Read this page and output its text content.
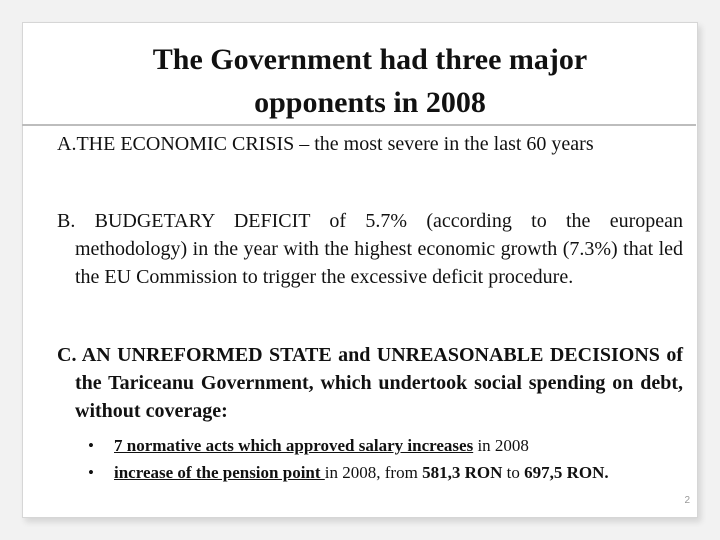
The Government had three major opponents in 2008
A.THE ECONOMIC CRISIS – the most severe in the last 60 years
B. BUDGETARY DEFICIT of 5.7% (according to the european methodology) in the year with the highest economic growth (7.3%) that led the EU Commission to trigger the excessive deficit procedure.
C. AN UNREFORMED STATE and UNREASONABLE DECISIONS of the Tariceanu Government, which undertook social spending on debt, without coverage:
• 7 normative acts which approved salary increases in 2008
• increase of the pension point in 2008, from 581,3 RON to 697,5 RON.
2
